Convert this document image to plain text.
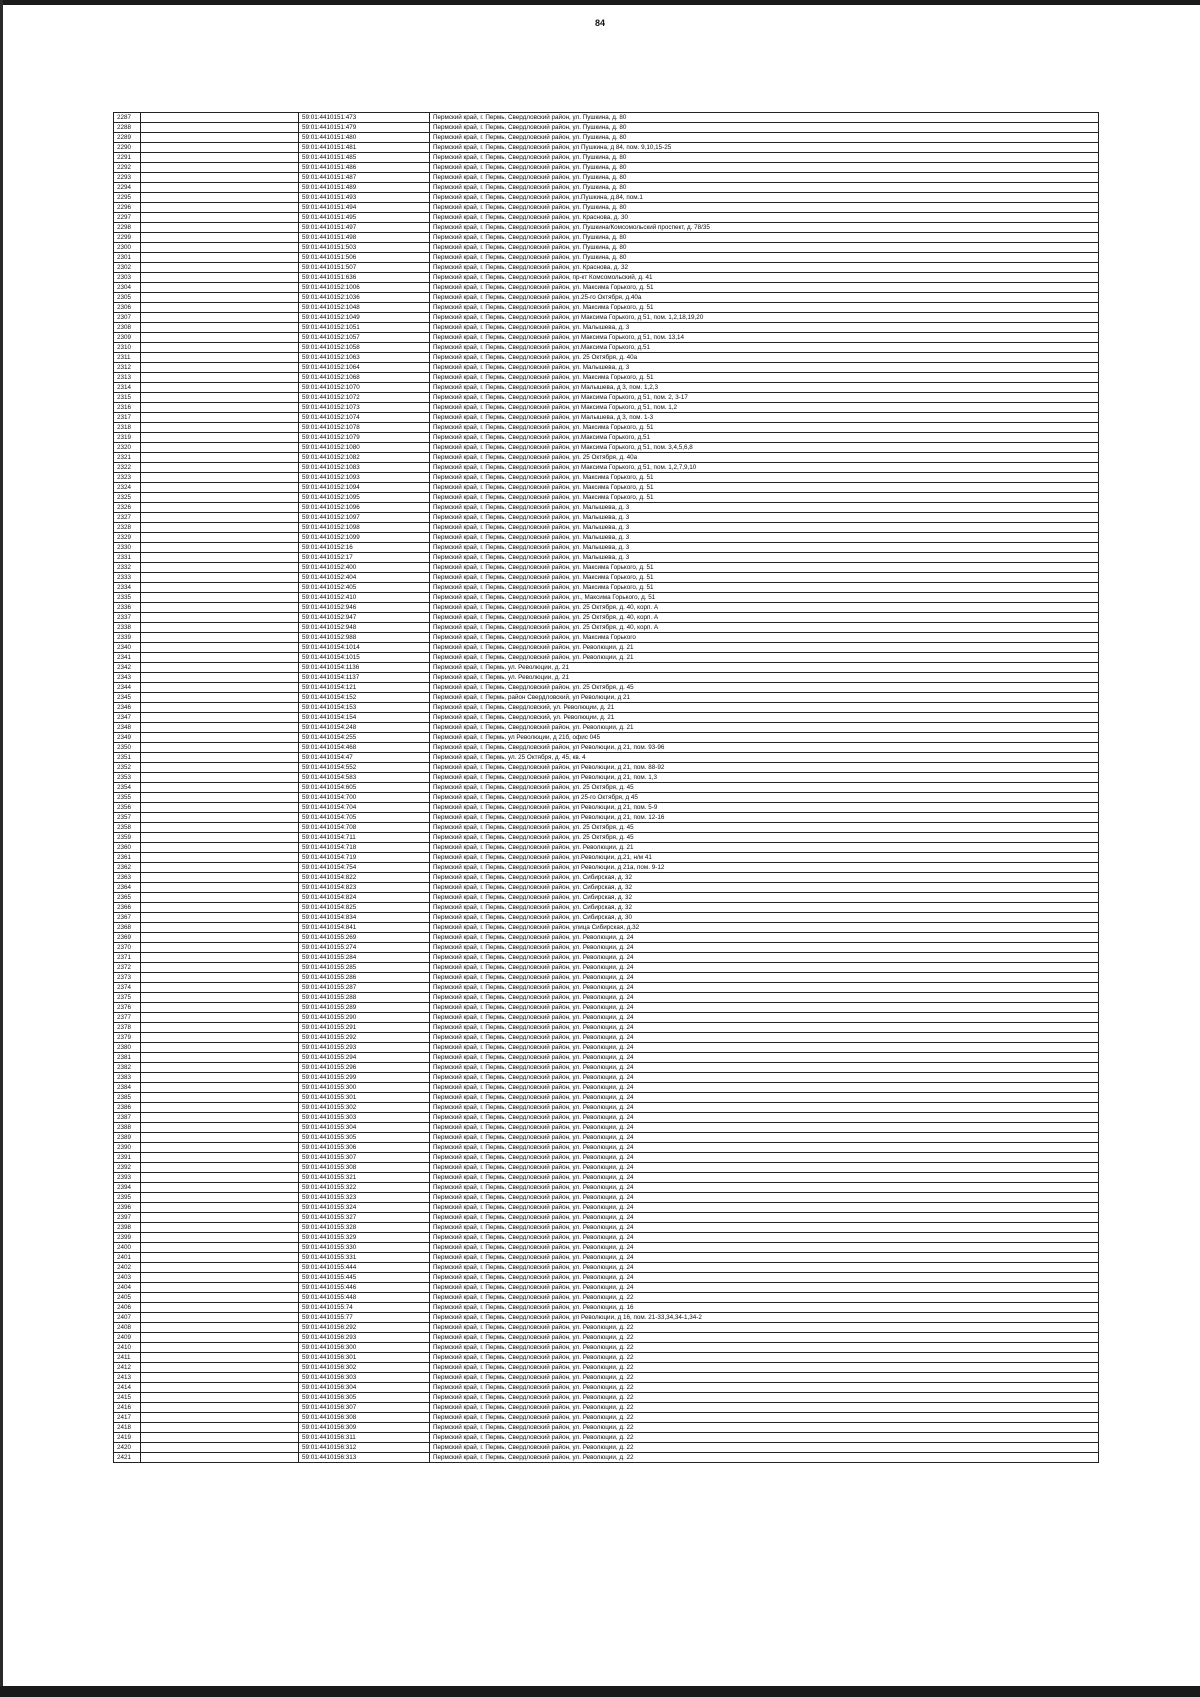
84
2287		59:01:4410151:473	Пермский край, г. Пермь, Свердловский район, ул. Пушкина, д. 80
2288		59:01:4410151:479	Пермский край, г. Пермь, Свердловский район, ул. Пушкина, д. 80
2289		59:01:4410151:480	Пермский край, г. Пермь, Свердловский район, ул. Пушкина, д. 80
2290		59:01:4410151:481	Пермский край, г. Пермь, Свердловский район, ул Пушкина, д 84, пом. 9,10,15-25
2291		59:01:4410151:485	Пермский край, г. Пермь, Свердловский район, ул. Пушкина, д. 80
2292		59:01:4410151:486	Пермский край, г. Пермь, Свердловский район, ул. Пушкина, д. 80
2293		59:01:4410151:487	Пермский край, г. Пермь, Свердловский район, ул. Пушкина, д. 80
2294		59:01:4410151:489	Пермский край, г. Пермь, Свердловский район, ул. Пушкина, д. 80
2295		59:01:4410151:493	Пермский край, г. Пермь, Свердловский район, ул.Пушкина, д.84, пом.1
2296		59:01:4410151:494	Пермский край, г. Пермь, Свердловский район, ул. Пушкина, д. 80
2297		59:01:4410151:495	Пермский край, г. Пермь, Свердловский район, ул. Краснова, д. 30
2298		59:01:4410151:497	Пермский край, г. Пермь, Свердловский район, ул. Пушкина/Комсомольский проспект, д. 78/35
2299		59:01:4410151:498	Пермский край, г. Пермь, Свердловский район, ул. Пушкина, д. 80
2300		59:01:4410151:503	Пермский край, г. Пермь, Свердловский район, ул. Пушкина, д. 80
2301		59:01:4410151:506	Пермский край, г. Пермь, Свердловский район, ул. Пушкина, д. 80
2302		59:01:4410151:507	Пермский край, г. Пермь, Свердловский район, ул. Краснова, д. 32
2303		59:01:4410151:636	Пермский край, г. Пермь, Свердловский район, пр-кт Комсомольский, д. 41
2304		59:01:4410152:1006	Пермский край, г. Пермь, Свердловский район, ул. Максима Горького, д. 51
2305		59:01:4410152:1036	Пермский край, г. Пермь, Свердловский район, ул.25-го Октября, д.40а
2306		59:01:4410152:1048	Пермский край, г. Пермь, Свердловский район, ул. Максима Горького, д. 51
2307		59:01:4410152:1049	Пермский край, г. Пермь, Свердловский район, ул Максима Горького, д 51, пом. 1,2,18,19,20
2308		59:01:4410152:1051	Пермский край, г. Пермь, Свердловский район, ул. Малышева, д. 3
2309		59:01:4410152:1057	Пермский край, г. Пермь, Свердловский район, ул Максима Горького, д 51, пом. 13,14
2310		59:01:4410152:1058	Пермский край, г. Пермь, Свердловский район, ул.Максима Горького, д.51
2311		59:01:4410152:1063	Пермский край, г. Пермь, Свердловский район, ул. 25 Октября, д. 40а
2312		59:01:4410152:1064	Пермский край, г. Пермь, Свердловский район, ул. Малышева, д. 3
2313		59:01:4410152:1068	Пермский край, г. Пермь, Свердловский район, ул. Максима Горького, д. 51
2314		59:01:4410152:1070	Пермский край, г. Пермь, Свердловский район, ул Малышева, д 3, пом. 1,2,3
2315		59:01:4410152:1072	Пермский край, г. Пермь, Свердловский район, ул Максима Горького, д 51, пом. 2, 3-17
2316		59:01:4410152:1073	Пермский край, г. Пермь, Свердловский район, ул Максима Горького, д 51, пом. 1,2
2317		59:01:4410152:1074	Пермский край, г. Пермь, Свердловский район, ул Малышева, д 3, пом. 1-3
2318		59:01:4410152:1078	Пермский край, г. Пермь, Свердловский район, ул. Максима Горького, д. 51
2319		59:01:4410152:1079	Пермский край, г. Пермь, Свердловский район, ул.Максима Горького, д.51
2320		59:01:4410152:1080	Пермский край, г. Пермь, Свердловский район, ул Максима Горького, д 51, пом. 3,4,5,6,8
2321		59:01:4410152:1082	Пермский край, г. Пермь, Свердловский район, ул. 25 Октября, д. 40а
2322		59:01:4410152:1083	Пермский край, г. Пермь, Свердловский район, ул Максима Горького, д 51, пом. 1,2,7,9,10
2323		59:01:4410152:1093	Пермский край, г. Пермь, Свердловский район, ул. Максима Горького, д. 51
2324		59:01:4410152:1094	Пермский край, г. Пермь, Свердловский район, ул. Максима Горького, д. 51
2325		59:01:4410152:1095	Пермский край, г. Пермь, Свердловский район, ул. Максима Горького, д. 51
2326		59:01:4410152:1096	Пермский край, г. Пермь, Свердловский район, ул. Малышева, д. 3
2327		59:01:4410152:1097	Пермский край, г. Пермь, Свердловский район, ул. Малышева, д. 3
2328		59:01:4410152:1098	Пермский край, г. Пермь, Свердловский район, ул. Малышева, д. 3
2329		59:01:4410152:1099	Пермский край, г. Пермь, Свердловский район, ул. Малышева, д. 3
2330		59:01:4410152:16	Пермский край, г. Пермь, Свердловский район, ул. Малышева, д. 3
2331		59:01:4410152:17	Пермский край, г. Пермь, Свердловский район, ул. Малышева, д. 3
2332		59:01:4410152:400	Пермский край, г. Пермь, Свердловский район, ул. Максима Горького, д. 51
2333		59:01:4410152:404	Пермский край, г. Пермь, Свердловский район, ул. Максима Горького, д. 51
2334		59:01:4410152:405	Пермский край, г. Пермь, Свердловский район, ул. Максима Горького, д. 51
2335		59:01:4410152:410	Пермский край, г. Пермь, Свердловский район, ул., Максима Горького, д. 51
2336		59:01:4410152:946	Пермский край, г. Пермь, Свердловский район, ул. 25 Октября, д. 40, корп. А
2337		59:01:4410152:947	Пермский край, г. Пермь, Свердловский район, ул. 25 Октября, д. 40, корп. А
2338		59:01:4410152:948	Пермский край, г. Пермь, Свердловский район, ул. 25 Октября, д. 40, корп. А
2339		59:01:4410152:988	Пермский край, г. Пермь, Свердловский район, ул. Максима Горького
2340		59:01:4410154:1014	Пермский край, г. Пермь, Свердловский район, ул. Революции, д. 21
2341		59:01:4410154:1015	Пермский край, г. Пермь, Свердловский район, ул. Революции, д. 21
2342		59:01:4410154:1136	Пермский край, г. Пермь, ул. Революции, д. 21
2343		59:01:4410154:1137	Пермский край, г. Пермь, ул. Революции, д. 21
2344		59:01:4410154:121	Пермский край, г. Пермь, Свердловский район, ул. 25 Октября, д. 45
2345		59:01:4410154:152	Пермский край, г. Пермь, район Свердловский, ул Революции, д 21
2346		59:01:4410154:153	Пермский край, г. Пермь, Свердловский, ул. Революции, д. 21
2347		59:01:4410154:154	Пермский край, г. Пермь, Свердловский, ул. Революции, д. 21
2348		59:01:4410154:248	Пермский край, г. Пермь, Свердловский район, ул. Революции, д. 21
2349		59:01:4410154:255	Пермский край, г. Пермь, ул Революции, д 21б, офис 045
2350		59:01:4410154:468	Пермский край, г. Пермь, Свердловский район, ул Революции, д 21, пом. 93-96
2351		59:01:4410154:47	Пермский край, г. Пермь, ул. 25 Октября, д. 45, кв. 4
2352		59:01:4410154:552	Пермский край, г. Пермь, Свердловский район, ул Революции, д 21, пом. 88-92
2353		59:01:4410154:583	Пермский край, г. Пермь, Свердловский район, ул Революции, д 21, пом. 1,3
2354		59:01:4410154:605	Пермский край, г. Пермь, Свердловский район, ул. 25 Октября, д. 45
2355		59:01:4410154:700	Пермский край, г. Пермь, Свердловский район, ул 25-го Октября, д 45
2356		59:01:4410154:704	Пермский край, г. Пермь, Свердловский район, ул Революции, д 21, пом. 5-9
2357		59:01:4410154:705	Пермский край, г. Пермь, Свердловский район, ул Революции, д 21, пом. 12-16
2358		59:01:4410154:708	Пермский край, г. Пермь, Свердловский район, ул. 25 Октября, д. 45
2359		59:01:4410154:711	Пермский край, г. Пермь, Свердловский район, ул. 25 Октября, д. 45
2360		59:01:4410154:718	Пермский край, г. Пермь, Свердловский район, ул. Революции, д. 21
2361		59:01:4410154:719	Пермский край, г. Пермь, Свердловский район, ул.Революции, д.21, н/м 41
2362		59:01:4410154:754	Пермский край, г. Пермь, Свердловский район, ул Революции, д 21а, пом. 9-12
2363		59:01:4410154:822	Пермский край, г. Пермь, Свердловский район, ул. Сибирская, д. 32
2364		59:01:4410154:823	Пермский край, г. Пермь, Свердловский район, ул. Сибирская, д. 32
2365		59:01:4410154:824	Пермский край, г. Пермь, Свердловский район, ул. Сибирская, д. 32
2366		59:01:4410154:825	Пермский край, г. Пермь, Свердловский район, ул. Сибирская, д. 32
2367		59:01:4410154:834	Пермский край, г. Пермь, Свердловский район, ул. Сибирская, д. 30
2368		59:01:4410154:841	Пермский край, г. Пермь, Свердловский район, улица Сибирская, д.32
2369		59:01:4410155:269	Пермский край, г. Пермь, Свердловский район, ул. Революции, д. 24
2370		59:01:4410155:274	Пермский край, г. Пермь, Свердловский район, ул. Революции, д. 24
2371		59:01:4410155:284	Пермский край, г. Пермь, Свердловский район, ул. Революции, д. 24
2372		59:01:4410155:285	Пермский край, г. Пермь, Свердловский район, ул. Революции, д. 24
2373		59:01:4410155:286	Пермский край, г. Пермь, Свердловский район, ул. Революции, д. 24
2374		59:01:4410155:287	Пермский край, г. Пермь, Свердловский район, ул. Революции, д. 24
2375		59:01:4410155:288	Пермский край, г. Пермь, Свердловский район, ул. Революции, д. 24
2376		59:01:4410155:289	Пермский край, г. Пермь, Свердловский район, ул. Революции, д. 24
2377		59:01:4410155:290	Пермский край, г. Пермь, Свердловский район, ул. Революции, д. 24
2378		59:01:4410155:291	Пермский край, г. Пермь, Свердловский район, ул. Революции, д. 24
2379		59:01:4410155:292	Пермский край, г. Пермь, Свердловский район, ул. Революции, д. 24
2380		59:01:4410155:293	Пермский край, г. Пермь, Свердловский район, ул. Революции, д. 24
2381		59:01:4410155:294	Пермский край, г. Пермь, Свердловский район, ул. Революции, д. 24
2382		59:01:4410155:296	Пермский край, г. Пермь, Свердловский район, ул. Революции, д. 24
2383		59:01:4410155:299	Пермский край, г. Пермь, Свердловский район, ул. Революции, д. 24
2384		59:01:4410155:300	Пермский край, г. Пермь, Свердловский район, ул. Революции, д. 24
2385		59:01:4410155:301	Пермский край, г. Пермь, Свердловский район, ул. Революции, д. 24
2386		59:01:4410155:302	Пермский край, г. Пермь, Свердловский район, ул. Революции, д. 24
2387		59:01:4410155:303	Пермский край, г. Пермь, Свердловский район, ул. Революции, д. 24
2388		59:01:4410155:304	Пермский край, г. Пермь, Свердловский район, ул. Революции, д. 24
2389		59:01:4410155:305	Пермский край, г. Пермь, Свердловский район, ул. Революции, д. 24
2390		59:01:4410155:306	Пермский край, г. Пермь, Свердловский район, ул. Революции, д. 24
2391		59:01:4410155:307	Пермский край, г. Пермь, Свердловский район, ул. Революции, д. 24
2392		59:01:4410155:308	Пермский край, г. Пермь, Свердловский район, ул. Революции, д. 24
2393		59:01:4410155:321	Пермский край, г. Пермь, Свердловский район, ул. Революции, д. 24
2394		59:01:4410155:322	Пермский край, г. Пермь, Свердловский район, ул. Революции, д. 24
2395		59:01:4410155:323	Пермский край, г. Пермь, Свердловский район, ул. Революции, д. 24
2396		59:01:4410155:324	Пермский край, г. Пермь, Свердловский район, ул. Революции, д. 24
2397		59:01:4410155:327	Пермский край, г. Пермь, Свердловский район, ул. Революции, д. 24
2398		59:01:4410155:328	Пермский край, г. Пермь, Свердловский район, ул. Революции, д. 24
2399		59:01:4410155:329	Пермский край, г. Пермь, Свердловский район, ул. Революции, д. 24
2400		59:01:4410155:330	Пермский край, г. Пермь, Свердловский район, ул. Революции, д. 24
2401		59:01:4410155:331	Пермский край, г. Пермь, Свердловский район, ул. Революции, д. 24
2402		59:01:4410155:444	Пермский край, г. Пермь, Свердловский район, ул. Революции, д. 24
2403		59:01:4410155:445	Пермский край, г. Пермь, Свердловский район, ул. Революции, д. 24
2404		59:01:4410155:446	Пермский край, г. Пермь, Свердловский район, ул. Революции, д. 24
2405		59:01:4410155:448	Пермский край, г. Пермь, Свердловский район, ул. Революции, д. 22
2406		59:01:4410155:74	Пермский край, г. Пермь, Свердловский район, ул. Революции, д. 16
2407		59:01:4410155:77	Пермский край, г. Пермь, Свердловский район, ул Революции, д 16, пом. 21-33,34,34-1,34-2
2408		59:01:4410156:292	Пермский край, г. Пермь, Свердловский район, ул. Революции, д. 22
2409		59:01:4410156:293	Пермский край, г. Пермь, Свердловский район, ул. Революции, д. 22
2410		59:01:4410156:300	Пермский край, г. Пермь, Свердловский район, ул. Революции, д. 22
2411		59:01:4410156:301	Пермский край, г. Пермь, Свердловский район, ул. Революции, д. 22
2412		59:01:4410156:302	Пермский край, г. Пермь, Свердловский район, ул. Революции, д. 22
2413		59:01:4410156:303	Пермский край, г. Пермь, Свердловский район, ул. Революции, д. 22
2414		59:01:4410156:304	Пермский край, г. Пермь, Свердловский район, ул. Революции, д. 22
2415		59:01:4410156:305	Пермский край, г. Пермь, Свердловский район, ул. Революции, д. 22
2416		59:01:4410156:307	Пермский край, г. Пермь, Свердловский район, ул. Революции, д. 22
2417		59:01:4410156:308	Пермский край, г. Пермь, Свердловский район, ул. Революции, д. 22
2418		59:01:4410156:309	Пермский край, г. Пермь, Свердловский район, ул. Революции, д. 22
2419		59:01:4410156:311	Пермский край, г. Пермь, Свердловский район, ул. Революции, д. 22
2420		59:01:4410156:312	Пермский край, г. Пермь, Свердловский район, ул. Революции, д. 22
2421		59:01:4410156:313	Пермский край, г. Пермь, Свердловский район, ул. Революции, д. 22
